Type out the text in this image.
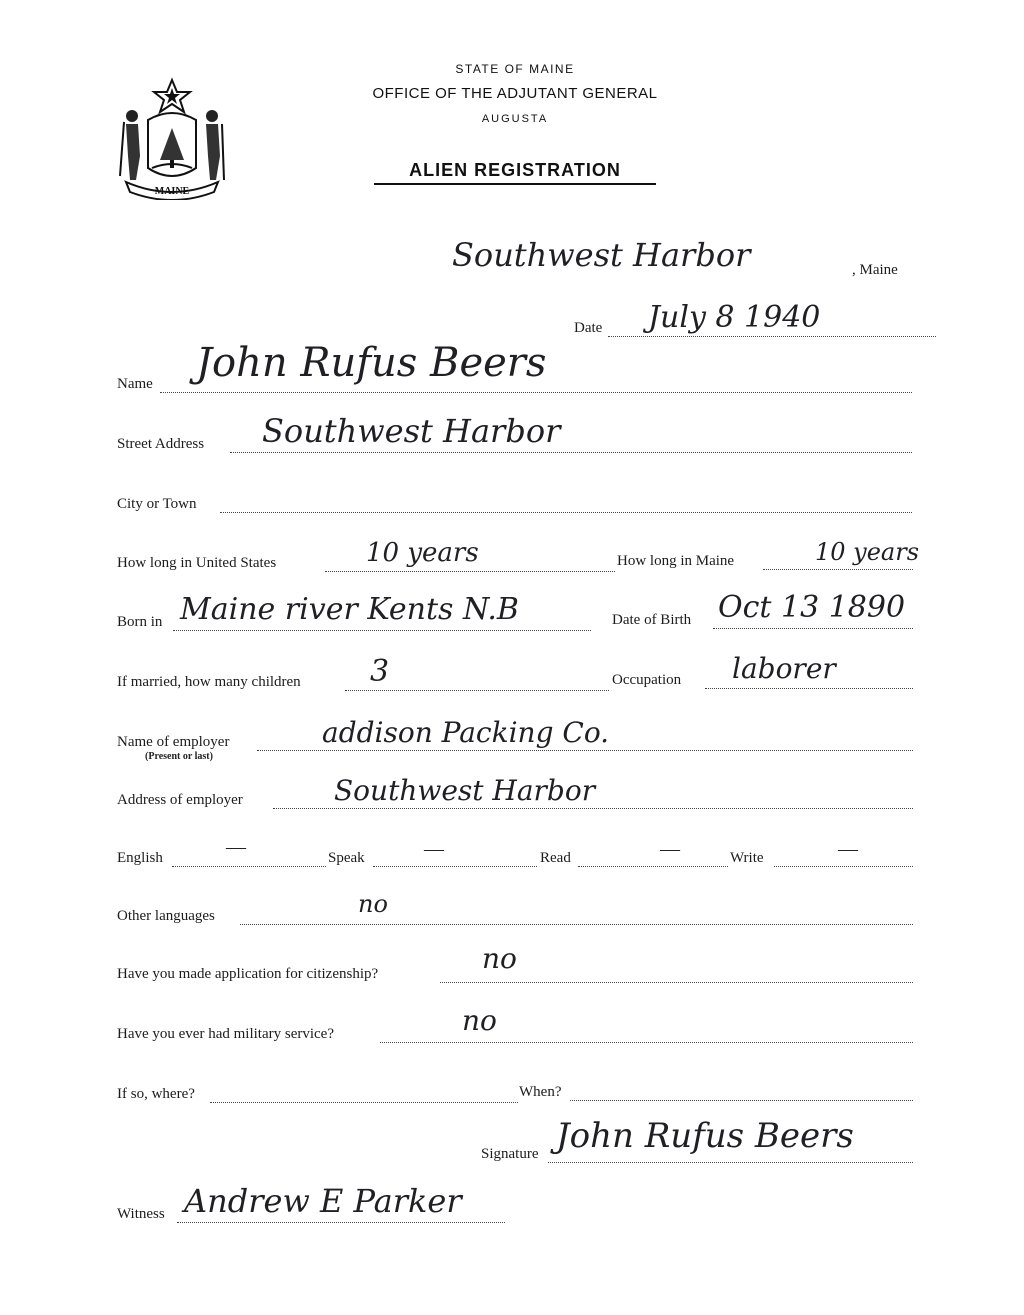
MAINE
STATE OF MAINE
OFFICE OF THE ADJUTANT GENERAL
AUGUSTA
ALIEN REGISTRATION
Southwest Harbor	, Maine
Date July 8 1940
Name John Rufus Beers
Street Address Southwest Harbor
City or Town
How long in United States	10 years	How long in Maine	10 years
Born in Maine river Kents N.B	Date of Birth Oct 13 1890
If married, how many children 3	Occupation laborer
Name of employer
(Present or last)
addison Packing Co.
Address of employer	Southwest Harbor
English	—	Speak	—	Read	—	Write	—
Other languages	no
Have you made application for citizenship?	no
Have you ever had military service?	no
If so, where?	When?
Signature John Rufus Beers
Witness Andrew E Parker
